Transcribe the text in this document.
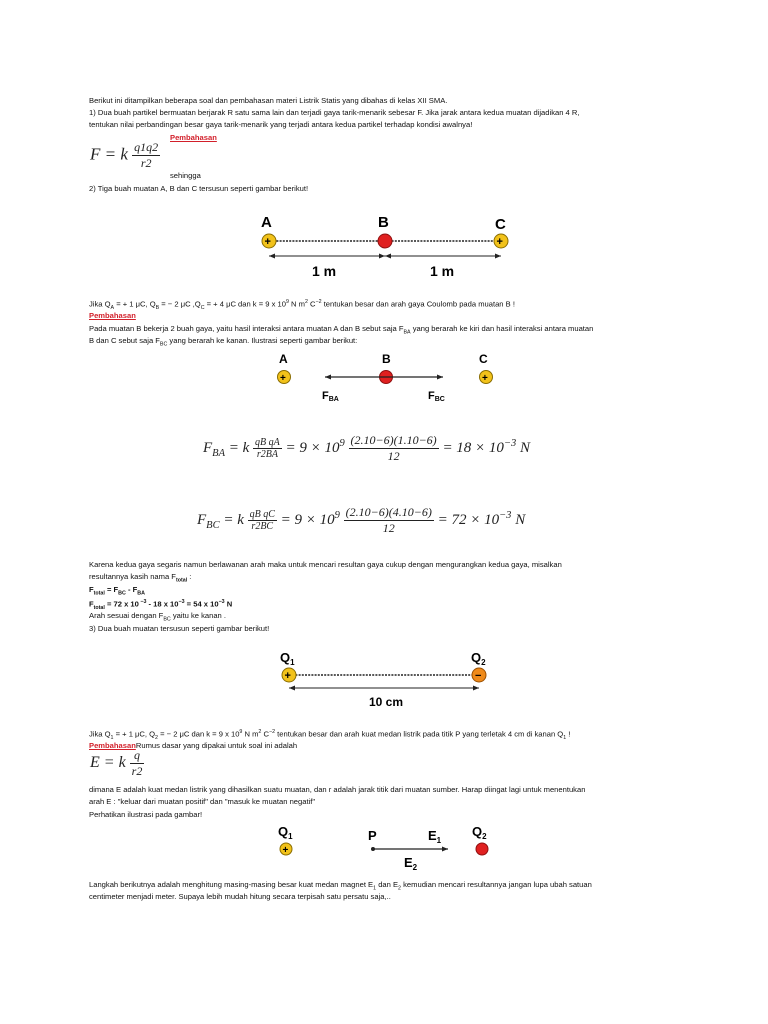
Berikut ini ditampilkan beberapa soal dan pembahasan materi Listrik Statis yang dibahas di kelas XII SMA.
1) Dua buah partikel bermuatan berjarak R satu sama lain dan terjadi gaya tarik-menarik sebesar F. Jika jarak antara kedua muatan dijadikan 4 R,
tentukan nilai perbandingan besar gaya tarik-menarik yang terjadi antara kedua partikel terhadap kondisi awalnya!
Pembahasan
F = k $\frac{q1q2}{r2}$
sehingga
2) Tiga buah muatan A, B dan C tersusun seperti gambar berikut!
A	B	C
+	+
1 m	1 m
Jika $Q_A$ = + 1 μC, $Q_B$ = − 2 μC $,Q_C$ = + 4 μC dan k = 9 x $10^9$ N $m^2$ $C^{-2}$ tentukan besar dan arah gaya Coulomb pada muatan B !
Pembahasan
Pada muatan B bekerja 2 buah gaya, yaitu hasil interaksi antara muatan A dan B sebut saja $F_{BA}$ yang berarah ke kiri dan hasil interaksi antara muatan
B dan C sebut saja $F_{BC}$ yang berarah ke kanan. Ilustrasi seperti gambar berikut:
A	B	C
+	+
FBA	FBC
$F_{BA} = k \frac{\text{qB qA}}{r2BA} = 9 \times 10^9 \frac{(2.10-6)(1.10-6)}{12} = 18 \times 10^{-3}$ N
$F_{BC} = k \frac{\text{qB qC}}{r2BC} = 9 \times 10^9 \frac{(2.10-6)(4.10-6)}{12} = 72 \times 10^{-3}$ N
Karena kedua gaya segaris namun berlawanan arah maka untuk mencari resultan gaya cukup dengan mengurangkan kedua gaya, misalkan
resultannya kasih nama $F_{total}$ :
$F_{total} = F_{BC} - F_{BA}$
$F_{total} = 72$ x 10 $^{-3}$ - 18 x $10^{-3} = 54$ x $10^{-3}$ N
Arah sesuai dengan $F_{BC}$ yaitu ke kanan .
3) Dua buah muatan tersusun seperti gambar berikut!
$Q_1$	$Q_2$
+	−
10 cm
Jika $Q_1$ = + 1 μC, $Q_2$ = − 2 μC dan k = 9 x $10^9$ N $m^2$ $C^{-2}$ tentukan besar dan arah kuat medan listrik pada titik P yang terletak 4 cm di kanan $Q_1$ !
PembahasanRumus dasar yang dipakai untuk soal ini adalah
E = k $\frac{q}{r2}$
dimana E adalah kuat medan listrik yang dihasilkan suatu muatan, dan r adalah jarak titik dari muatan sumber. Harap diingat lagi untuk menentukan
arah E : "keluar dari muatan positif" dan "masuk ke muatan negatif"
Perhatikan ilustrasi pada gambar!
$Q_1$	$Q_2$
+
P	$E_1$
$E_2$
Langkah berikutnya adalah menghitung masing-masing besar kuat medan magnet $E_1$ dan $E_2$ kemudian mencari resultannya jangan lupa ubah satuan
centimeter menjadi meter. Supaya lebih mudah hitung secara terpisah satu persatu saja,..
